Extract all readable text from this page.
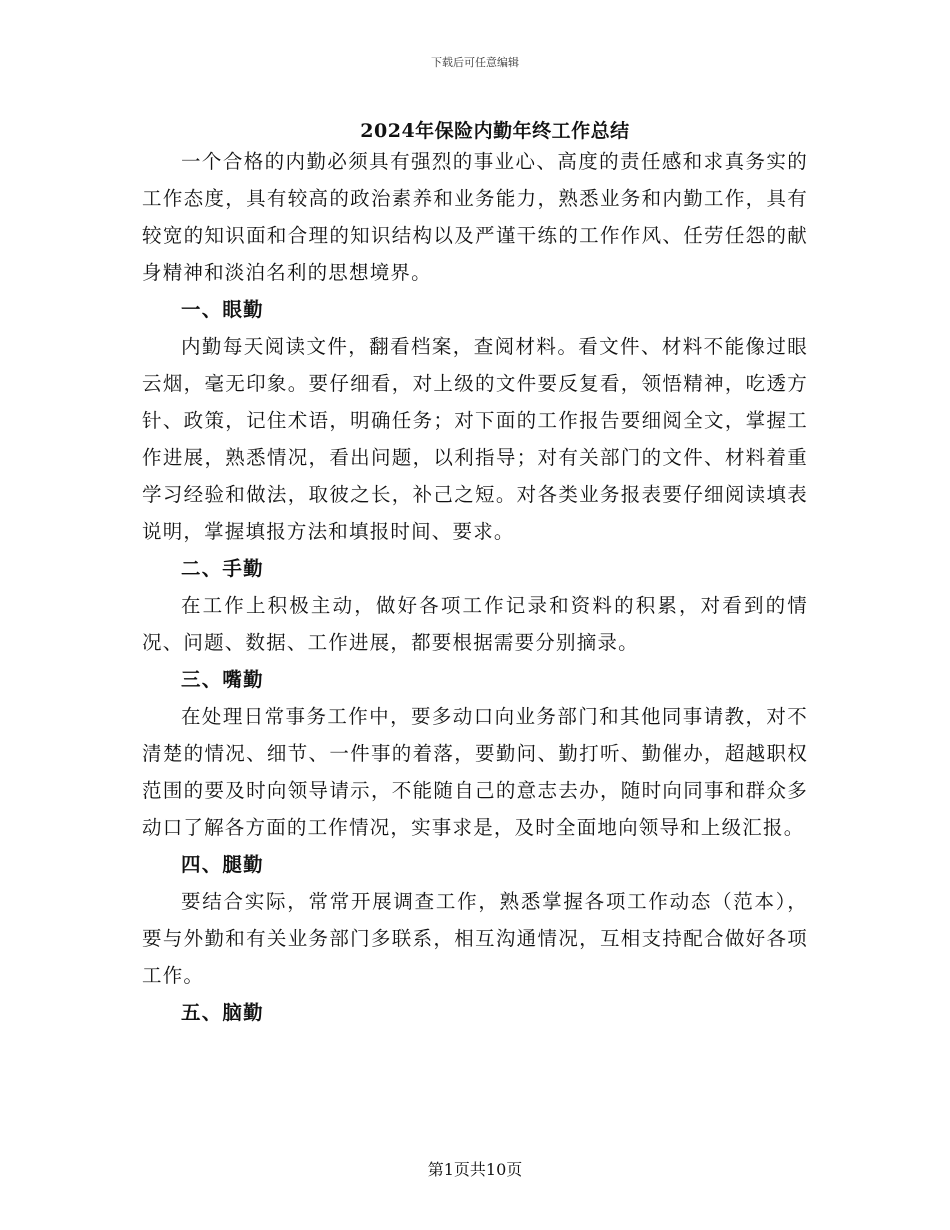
下载后可任意编辑
2024年保险内勤年终工作总结

一个合格的内勤必须具有强烈的事业心、高度的责任感和求真务实的工作态度，具有较高的政治素养和业务能力，熟悉业务和内勤工作，具有较宽的知识面和合理的知识结构以及严谨干练的工作作风、任劳任怨的献身精神和淡泊名利的思想境界。

一、眼勤

内勤每天阅读文件，翻看档案，查阅材料。看文件、材料不能像过眼云烟，毫无印象。要仔细看，对上级的文件要反复看，领悟精神，吃透方针、政策，记住术语，明确任务；对下面的工作报告要细阅全文，掌握工作进展，熟悉情况，看出问题，以利指导；对有关部门的文件、材料着重学习经验和做法，取彼之长，补己之短。对各类业务报表要仔细阅读填表说明，掌握填报方法和填报时间、要求。

二、手勤

在工作上积极主动，做好各项工作记录和资料的积累，对看到的情况、问题、数据、工作进展，都要根据需要分别摘录。

三、嘴勤

在处理日常事务工作中，要多动口向业务部门和其他同事请教，对不清楚的情况、细节、一件事的着落，要勤问、勤打听、勤催办，超越职权范围的要及时向领导请示，不能随自己的意志去办，随时向同事和群众多动口了解各方面的工作情况，实事求是，及时全面地向领导和上级汇报。

四、腿勤

要结合实际，常常开展调查工作，熟悉掌握各项工作动态（范本），要与外勤和有关业务部门多联系，相互沟通情况，互相支持配合做好各项工作。

五、脑勤

第1页共10页
